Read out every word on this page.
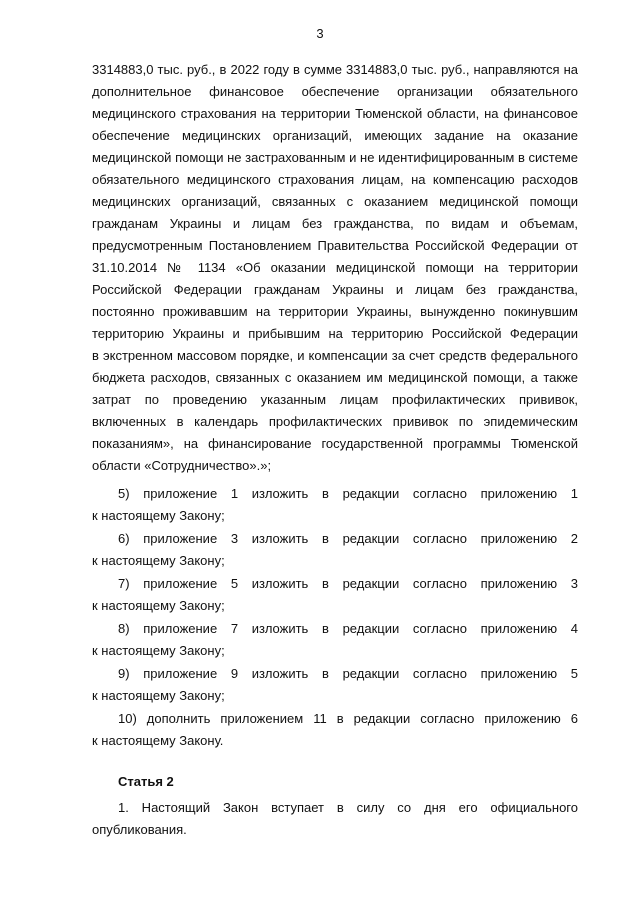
3
3314883,0 тыс. руб., в 2022 году в сумме 3314883,0 тыс. руб., направляются на
дополнительное финансовое обеспечение организации обязательного
медицинского страхования на территории Тюменской области, на финансовое
обеспечение медицинских организаций, имеющих задание на оказание
медицинской помощи не застрахованным и не идентифицированным в системе
обязательного медицинского страхования лицам, на компенсацию расходов
медицинских организаций, связанных с оказанием медицинской помощи
гражданам Украины и лицам без гражданства, по видам и объемам,
предусмотренным Постановлением Правительства Российской Федерации от
31.10.2014 № 1134 «Об оказании медицинской помощи на территории
Российской Федерации гражданам Украины и лицам без гражданства,
постоянно проживавшим на территории Украины, вынужденно покинувшим
территорию Украины и прибывшим на территорию Российской Федерации
в экстренном массовом порядке, и компенсации за счет средств федерального
бюджета расходов, связанных с оказанием им медицинской помощи, а также
затрат по проведению указанным лицам профилактических прививок,
включенных в календарь профилактических прививок по эпидемическим
показаниям», на финансирование государственной программы Тюменской
области «Сотрудничество».»;
5) приложение 1 изложить в редакции согласно приложению 1
к настоящему Закону;
6) приложение 3 изложить в редакции согласно приложению 2
к настоящему Закону;
7) приложение 5 изложить в редакции согласно приложению 3
к настоящему Закону;
8) приложение 7 изложить в редакции согласно приложению 4
к настоящему Закону;
9) приложение 9 изложить в редакции согласно приложению 5
к настоящему Закону;
10) дополнить приложением 11 в редакции согласно приложению 6
к настоящему Закону.
Статья 2
1. Настоящий Закон вступает в силу со дня его официального
опубликования.
